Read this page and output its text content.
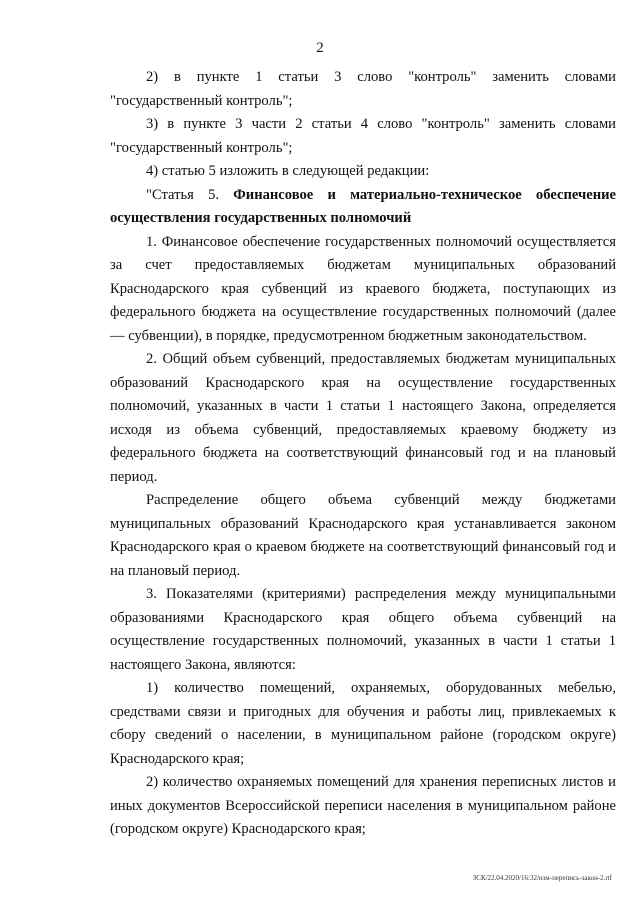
2

2) в пункте 1 статьи 3 слово "контроль" заменить словами "государственный контроль";

3) в пункте 3 части 2 статьи 4 слово "контроль" заменить словами "государственный контроль";

4) статью 5 изложить в следующей редакции:

"Статья 5. Финансовое и материально-техническое обеспечение осуществления государственных полномочий

1. Финансовое обеспечение государственных полномочий осуществляется за счет предоставляемых бюджетам муниципальных образований Краснодарского края субвенций из краевого бюджета, поступающих из федерального бюджета на осуществление государственных полномочий (далее — субвенции), в порядке, предусмотренном бюджетным законодательством.

2. Общий объем субвенций, предоставляемых бюджетам муниципальных образований Краснодарского края на осуществление государственных полномочий, указанных в части 1 статьи 1 настоящего Закона, определяется исходя из объема субвенций, предоставляемых краевому бюджету из федерального бюджета на соответствующий финансовый год и на плановый период.

Распределение общего объема субвенций между бюджетами муниципальных образований Краснодарского края устанавливается законом Краснодарского края о краевом бюджете на соответствующий финансовый год и на плановый период.

3. Показателями (критериями) распределения между муниципальными образованиями Краснодарского края общего объема субвенций на осуществление государственных полномочий, указанных в части 1 статьи 1 настоящего Закона, являются:

1) количество помещений, охраняемых, оборудованных мебелью, средствами связи и пригодных для обучения и работы лиц, привлекаемых к сбору сведений о населении, в муниципальном районе (городском округе) Краснодарского края;

2) количество охраняемых помещений для хранения переписных листов и иных документов Всероссийской переписи населения в муниципальном районе (городском округе) Краснодарского края;

ЗСК/22.04.2020/16:32/изм-перепись-закон-2.rtf
